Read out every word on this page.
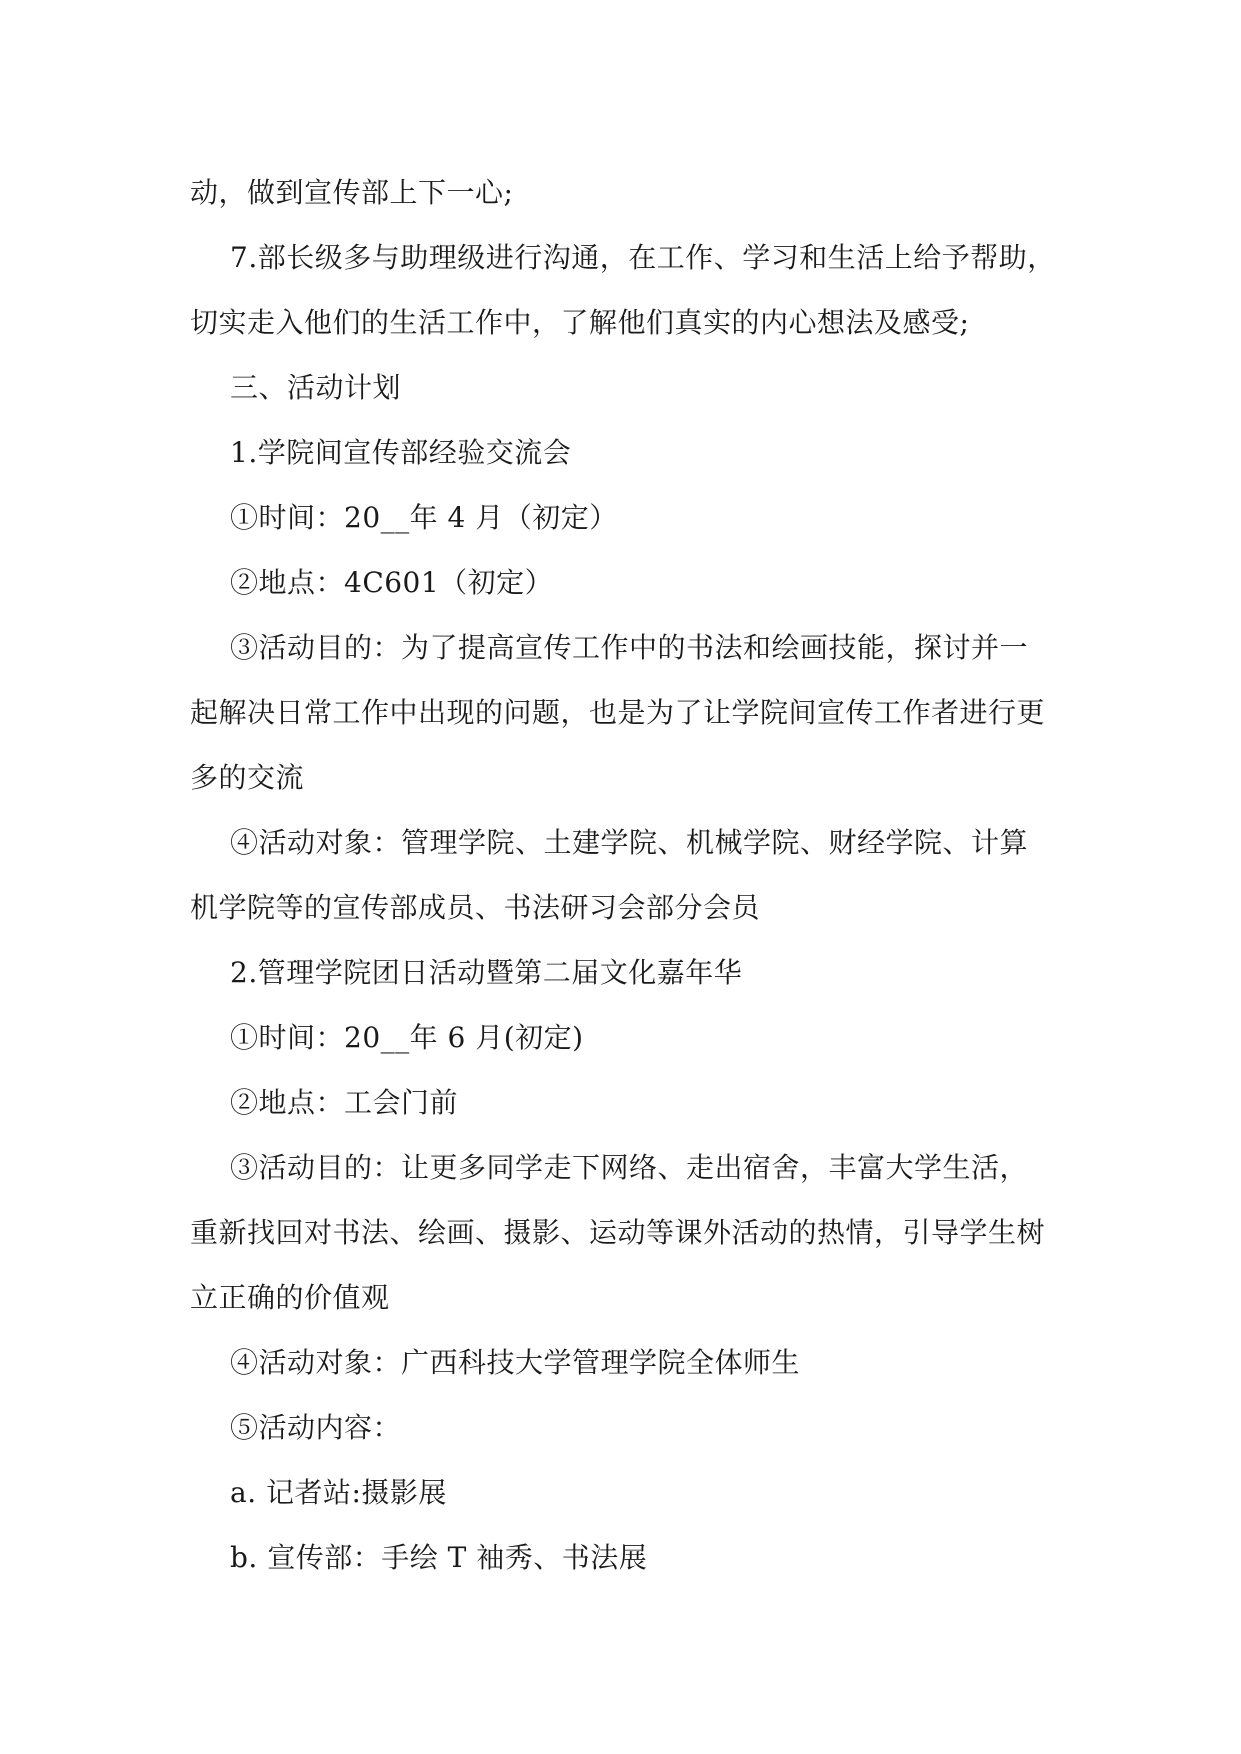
动，做到宣传部上下一心;

7.部长级多与助理级进行沟通，在工作、学习和生活上给予帮助，

切实走入他们的生活工作中，了解他们真实的内心想法及感受;

三、活动计划

1.学院间宣传部经验交流会

①时间：20__年 4 月（初定）

②地点：4C601（初定）

③活动目的：为了提高宣传工作中的书法和绘画技能，探讨并一

起解决日常工作中出现的问题，也是为了让学院间宣传工作者进行更

多的交流

④活动对象：管理学院、土建学院、机械学院、财经学院、计算

机学院等的宣传部成员、书法研习会部分会员

2.管理学院团日活动暨第二届文化嘉年华

①时间：20__年 6 月(初定)

②地点：工会门前

③活动目的：让更多同学走下网络、走出宿舍，丰富大学生活，

重新找回对书法、绘画、摄影、运动等课外活动的热情，引导学生树

立正确的价值观

④活动对象：广西科技大学管理学院全体师生

⑤活动内容：

a. 记者站:摄影展

b. 宣传部：手绘 T 袖秀、书法展
